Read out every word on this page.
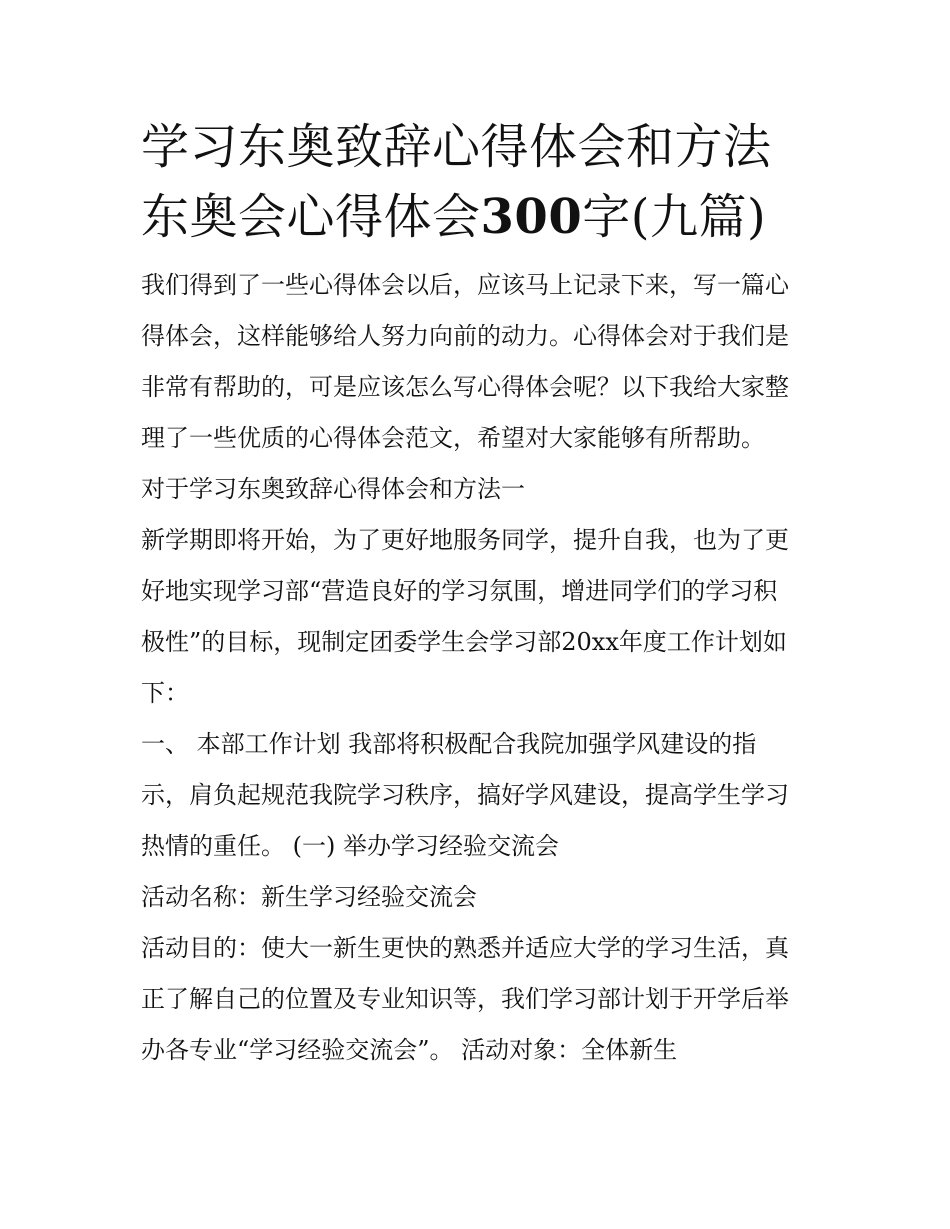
学习东奥致辞心得体会和方法
东奥会心得体会300字(九篇)

我们得到了一些心得体会以后，应该马上记录下来，写一篇心

得体会，这样能够给人努力向前的动力。心得体会对于我们是

非常有帮助的，可是应该怎么写心得体会呢？以下我给大家整

理了一些优质的心得体会范文，希望对大家能够有所帮助。

对于学习东奥致辞心得体会和方法一

新学期即将开始，为了更好地服务同学，提升自我，也为了更

好地实现学习部“营造良好的学习氛围，增进同学们的学习积

极性”的目标，现制定团委学生会学习部20xx年度工作计划如

下：

一、 本部工作计划 我部将积极配合我院加强学风建设的指

示，肩负起规范我院学习秩序，搞好学风建设，提高学生学习

热情的重任。 (一) 举办学习经验交流会

活动名称：新生学习经验交流会

活动目的：使大一新生更快的熟悉并适应大学的学习生活，真

正了解自己的位置及专业知识等，我们学习部计划于开学后举

办各专业“学习经验交流会”。 活动对象：全体新生
